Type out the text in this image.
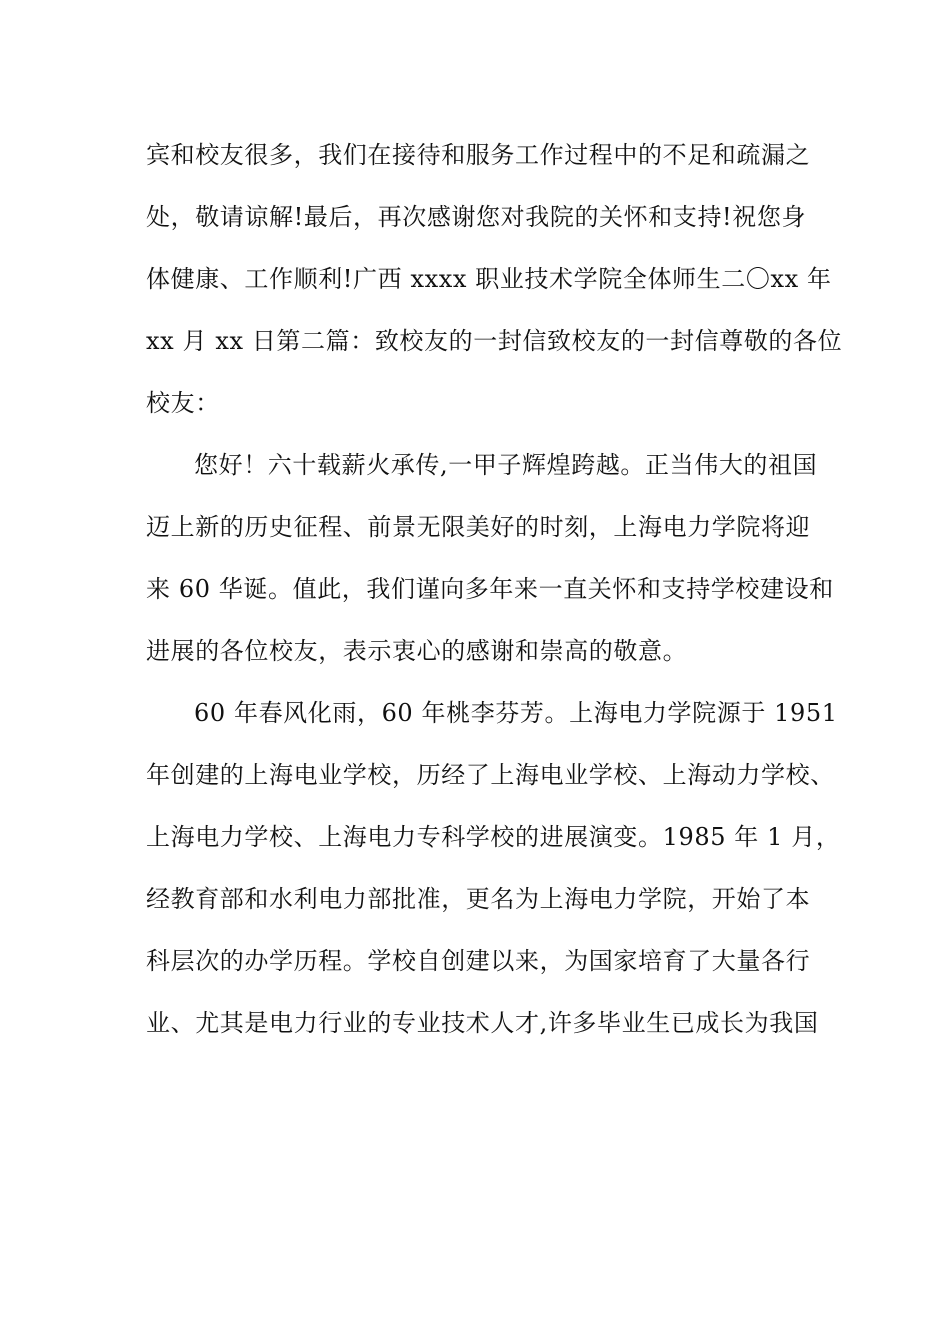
宾和校友很多，我们在接待和服务工作过程中的不足和疏漏之
处，敬请谅解!最后，再次感谢您对我院的关怀和支持!祝您身
体健康、工作顺利!广西 xxxx 职业技术学院全体师生二〇xx 年
xx 月 xx 日第二篇：致校友的一封信致校友的一封信尊敬的各位
校友：
您好！六十载薪火承传,一甲子辉煌跨越。正当伟大的祖国
迈上新的历史征程、前景无限美好的时刻，上海电力学院将迎
来 60 华诞。值此，我们谨向多年来一直关怀和支持学校建设和
进展的各位校友，表示衷心的感谢和崇高的敬意。
60 年春风化雨，60 年桃李芬芳。上海电力学院源于 1951
年创建的上海电业学校，历经了上海电业学校、上海动力学校、
上海电力学校、上海电力专科学校的进展演变。1985 年 1 月，
经教育部和水利电力部批准，更名为上海电力学院，开始了本
科层次的办学历程。学校自创建以来，为国家培育了大量各行
业、尤其是电力行业的专业技术人才,许多毕业生已成长为我国
